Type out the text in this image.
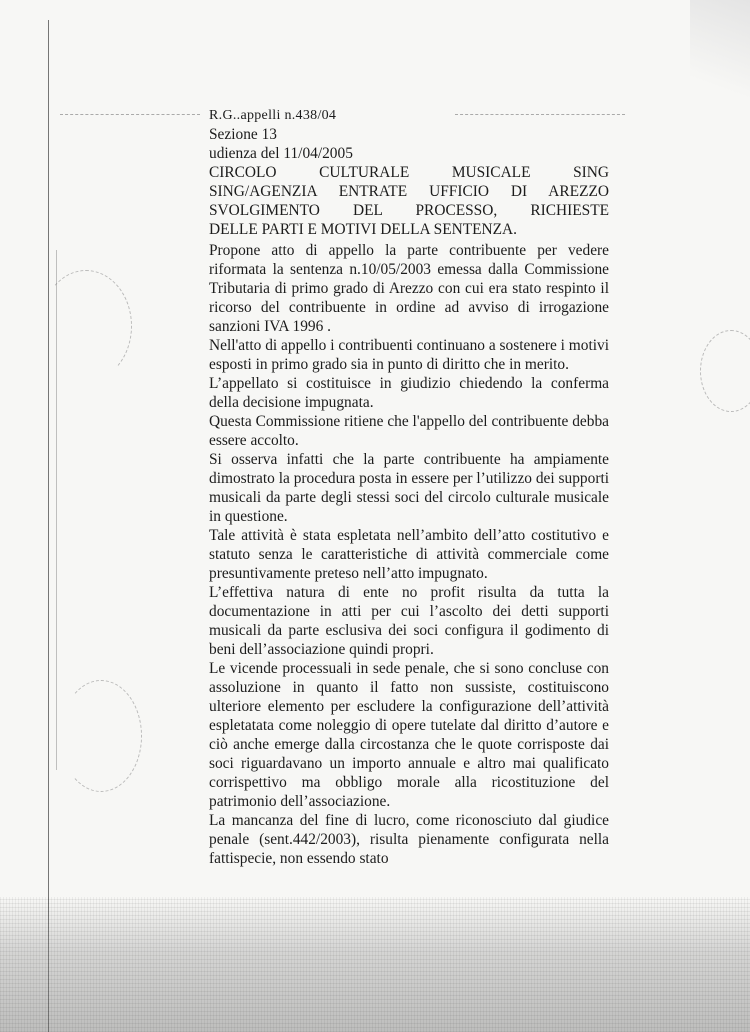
R.G..appelli n.438/04
Sezione 13
udienza del 11/04/2005

CIRCOLO CULTURALE MUSICALE SING

SING/AGENZIA ENTRATE UFFICIO DI AREZZO

SVOLGIMENTO DEL PROCESSO, RICHIESTE

DELLE PARTI E MOTIVI DELLA SENTENZA.

Propone atto di appello la parte contribuente per vedere riformata la sentenza n.10/05/2003 emessa dalla Commissione Tributaria di primo grado di Arezzo con cui era stato respinto il ricorso del contribuente in ordine ad avviso di irrogazione sanzioni IVA 1996 .

Nell'atto di appello i contribuenti continuano a sostenere i motivi esposti in primo grado sia in punto di diritto che in merito.

L’appellato si costituisce in giudizio chiedendo la conferma della decisione impugnata.

Questa Commissione ritiene che l'appello del contribuente debba essere accolto.

Si osserva infatti che la parte contribuente ha ampiamente dimostrato la procedura posta in essere per l’utilizzo dei supporti musicali da parte degli stessi soci del circolo culturale musicale in questione.

Tale attività è stata espletata nell’ambito dell’atto costitutivo e statuto senza le caratteristiche di attività commerciale come presuntivamente preteso nell’atto impugnato.

L’effettiva natura di ente no profit risulta da tutta la documentazione in atti per cui l’ascolto dei detti supporti musicali da parte esclusiva dei soci configura il godimento di beni dell’associazione quindi propri.

Le vicende processuali in sede penale, che si sono concluse con assoluzione in quanto il fatto non sussiste, costituiscono ulteriore elemento per escludere la configurazione dell’attività espletatata come noleggio di opere tutelate dal diritto d’autore e ciò anche emerge dalla circostanza che le quote corrisposte dai soci riguardavano un importo annuale e altro mai qualificato corrispettivo ma obbligo morale alla ricostituzione del patrimonio dell’associazione.

La mancanza del fine di lucro, come riconosciuto dal giudice penale (sent.442/2003), risulta pienamente configurata nella fattispecie, non essendo stato
